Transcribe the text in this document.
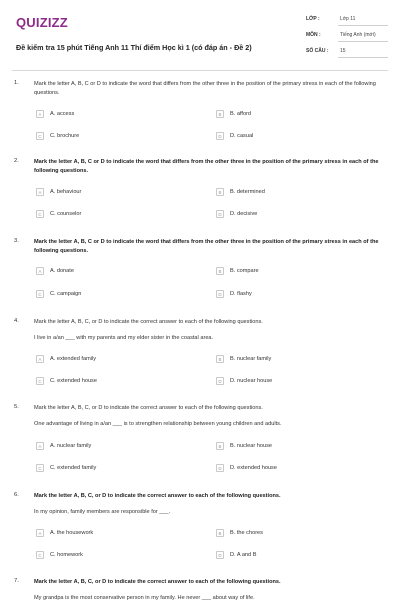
QUIZIZZ
Đề kiểm tra 15 phút Tiếng Anh 11 Thí điểm Học kì 1 (có đáp án - Đề 2)
LỚP :	Lớp 11
MÔN :	Tiếng Anh (mới)
SỐ CÂU : 15
1.	Mark the letter A, B, C or D to indicate the word that differs from the other three in the position of the primary stress in each of the following questions.
A	A. access	B	B. afford
C	C. brochure	D	D. casual
2.	Mark the letter A, B, C or D to indicate the word that differs from the other three in the position of the primary stress in each of the following questions.
A	A. behaviour	B	B. determined
C	C. counselor	D	D. decisive
3.	Mark the letter A, B, C or D to indicate the word that differs from the other three in the position of the primary stress in each of the following questions.
A	A. donate	B	B. compare
C	C. campaign	D	D. flashy
4.	Mark the letter A, B, C, or D to indicate the correct answer to each of the following questions.
I live in a/an ___ with my parents and my elder sister in the coastal area.
A	A. extended family	B	B. nuclear family
C	C. extended house	D	D. nuclear house
5.	Mark the letter A, B, C, or D to indicate the correct answer to each of the following questions.
One advantage of living in a/an ___ is to strengthen relationship between young children and adults.
A	A. nuclear family	B	B. nuclear house
C	C. extended family	D	D. extended house
6.	Mark the letter A, B, C, or D to indicate the correct answer to each of the following questions.
In my opinion, family members are responsible for ___.
A	A. the housework	B	B. the chores
C	C. homework	D	D. A and B
7.	Mark the letter A, B, C, or D to indicate the correct answer to each of the following questions.
My grandpa is the most conservative person in my family. He never ___ about way of life.
